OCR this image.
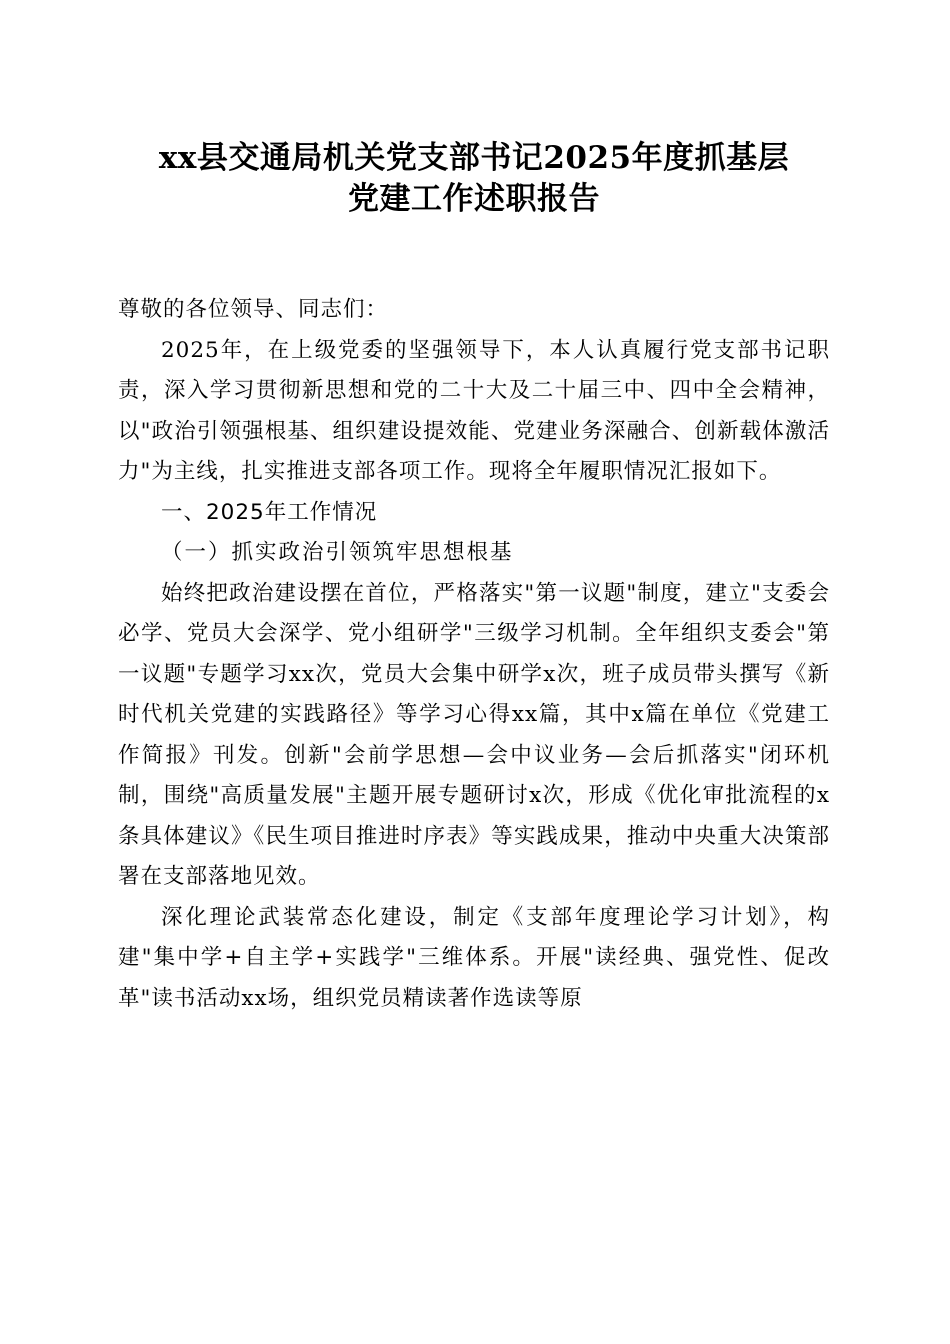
xx县交通局机关党支部书记2025年度抓基层
党建工作述职报告

尊敬的各位领导、同志们：

2025年，在上级党委的坚强领导下，本人认真履行党支部书记职责，深入学习贯彻新思想和党的二十大及二十届三中、四中全会精神，以"政治引领强根基、组织建设提效能、党建业务深融合、创新载体激活力"为主线，扎实推进支部各项工作。现将全年履职情况汇报如下。

一、2025年工作情况

（一）抓实政治引领筑牢思想根基

始终把政治建设摆在首位，严格落实"第一议题"制度，建立"支委会必学、党员大会深学、党小组研学"三级学习机制。全年组织支委会"第一议题"专题学习xx次，党员大会集中研学x次，班子成员带头撰写《新时代机关党建的实践路径》等学习心得xx篇，其中x篇在单位《党建工作简报》刊发。创新"会前学思想—会中议业务—会后抓落实"闭环机制，围绕"高质量发展"主题开展专题研讨x次，形成《优化审批流程的x条具体建议》《民生项目推进时序表》等实践成果，推动中央重大决策部署在支部落地见效。

深化理论武装常态化建设，制定《支部年度理论学习计划》，构建"集中学+自主学+实践学"三维体系。开展"读经典、强党性、促改革"读书活动xx场，组织党员精读著作选读等原
